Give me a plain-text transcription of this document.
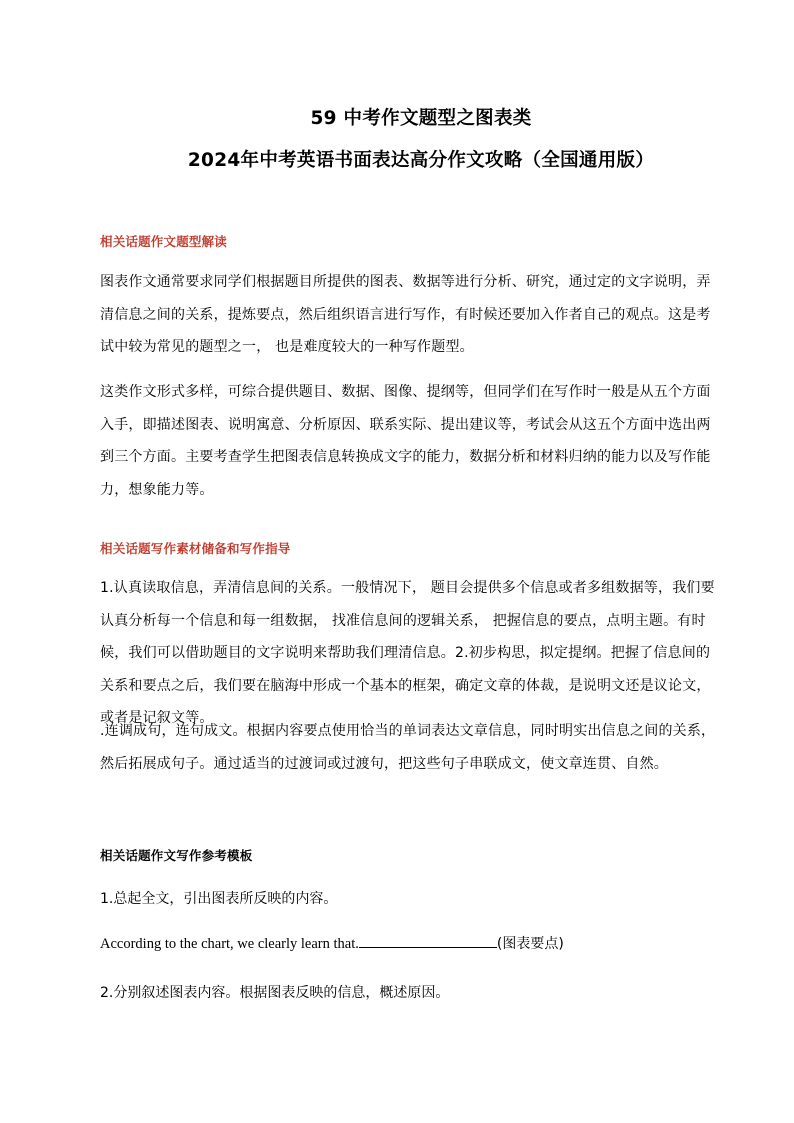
59 中考作文题型之图表类
2024年中考英语书面表达高分作文攻略（全国通用版）
相关话题作文题型解读

图表作文通常要求同学们根据题目所提供的图表、数据等进行分析、研究，通过定的文字说明，弄清信息之间的关系，提炼要点，然后组织语言进行写作，有时候还要加入作者自己的观点。这是考试中较为常见的题型之一， 也是难度较大的一种写作题型。

这类作文形式多样，可综合提供题目、数据、图像、提纲等，但同学们在写作时一般是从五个方面入手，即描述图表、说明寓意、分析原因、联系实际、提出建议等，考试会从这五个方面中选出两到三个方面。主要考查学生把图表信息转换成文字的能力，数据分析和材料归纳的能力以及写作能力，想象能力等。

相关话题写作素材储备和写作指导

1.认真读取信息，弄清信息间的关系。一般情况下， 题目会提供多个信息或者多组数据等，我们要认真分析每一个信息和每一组数据， 找准信息间的逻辑关系， 把握信息的要点，点明主题。有时候，我们可以借助题目的文字说明来帮助我们理清信息。2.初步构思，拟定提纲。把握了信息间的关系和要点之后，我们要在脑海中形成一个基本的框架，确定文章的体裁，是说明文还是议论文，或者是记叙文等。

.连调成句，连句成文。根据内容要点使用恰当的单词表达文章信息，同时明实出信息之间的关系，然后拓展成句子。通过适当的过渡词或过渡句，把这些句子串联成文，使文章连贯、自然。

相关话题作文写作参考模板

1.总起全文，引出图表所反映的内容。

According to the chart, we clearly learn that.	(图表要点)

2.分别叙述图表内容。根据图表反映的信息，概述原因。
